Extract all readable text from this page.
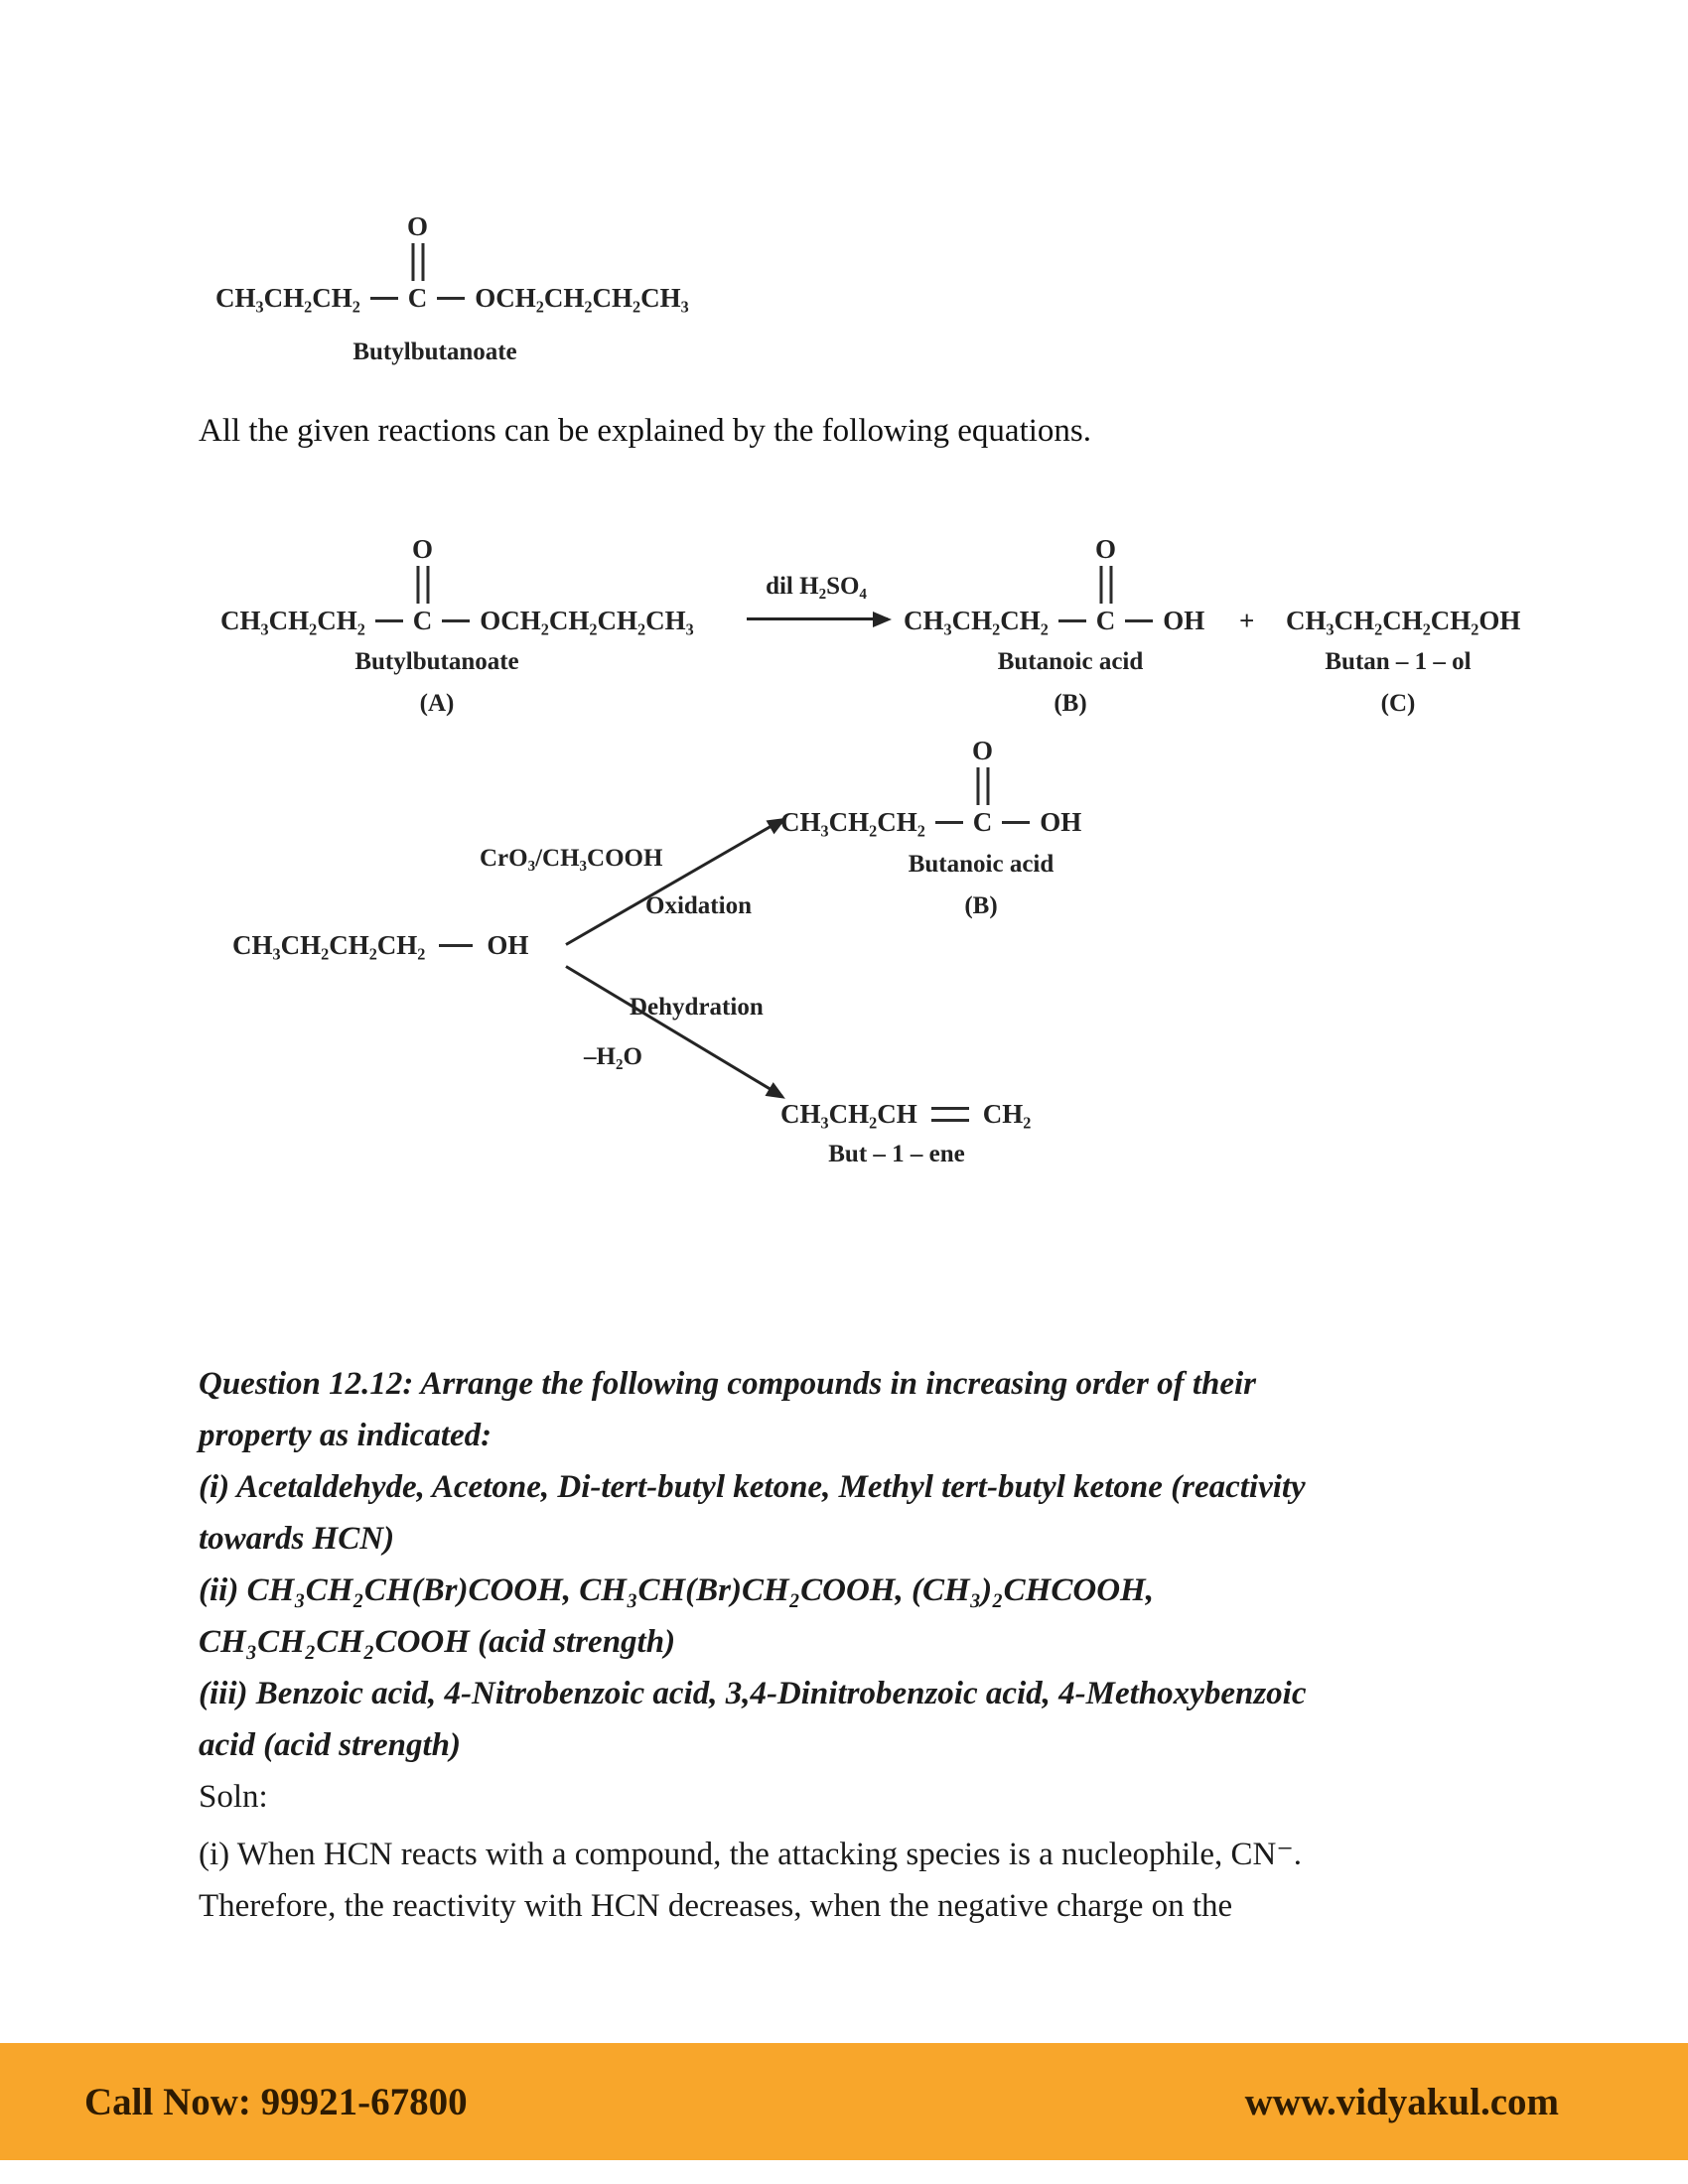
CH₃CH₂CH₂ C
O
OCH₂CH₂CH₂CH₃
Butylbutanoate
All the given reactions can be explained by the following equations.
CH₃CH₂CH₂ C
O
OCH₂CH₂CH₂CH₃
dil H₂SO₄
CH₃CH₂CH₂ C
O
OH + CH₃CH₂CH₂CH₂OH
Butylbutanoate
(A)
Butanoic acid
(B)
Butan – 1 – ol
(C)
CH₃CH₂CH₂ C
O
OH
Butanoic acid
(B)
CrO₃/CH₃COOH
Oxidation
Dehydration
–H₂O
CH₃CH₂CH₂CH₂ OH
CH₃CH₂CH CH₂
But – 1 – ene
Question 12.12: Arrange the following compounds in increasing order of their
property as indicated:
(i) Acetaldehyde, Acetone, Di-tert-butyl ketone, Methyl tert-butyl ketone (reactivity
towards HCN)
(ii) CH₃CH₂CH(Br)COOH, CH₃CH(Br)CH₂COOH, (CH₃)₂CHCOOH,
CH₃CH₂CH₂COOH (acid strength)
(iii) Benzoic acid, 4-Nitrobenzoic acid, 3,4-Dinitrobenzoic acid, 4-Methoxybenzoic
acid (acid strength)
Soln:
(i) When HCN reacts with a compound, the attacking species is a nucleophile, CN⁻.
Therefore, the reactivity with HCN decreases, when the negative charge on the
Call Now: 99921-67800	www.vidyakul.com
